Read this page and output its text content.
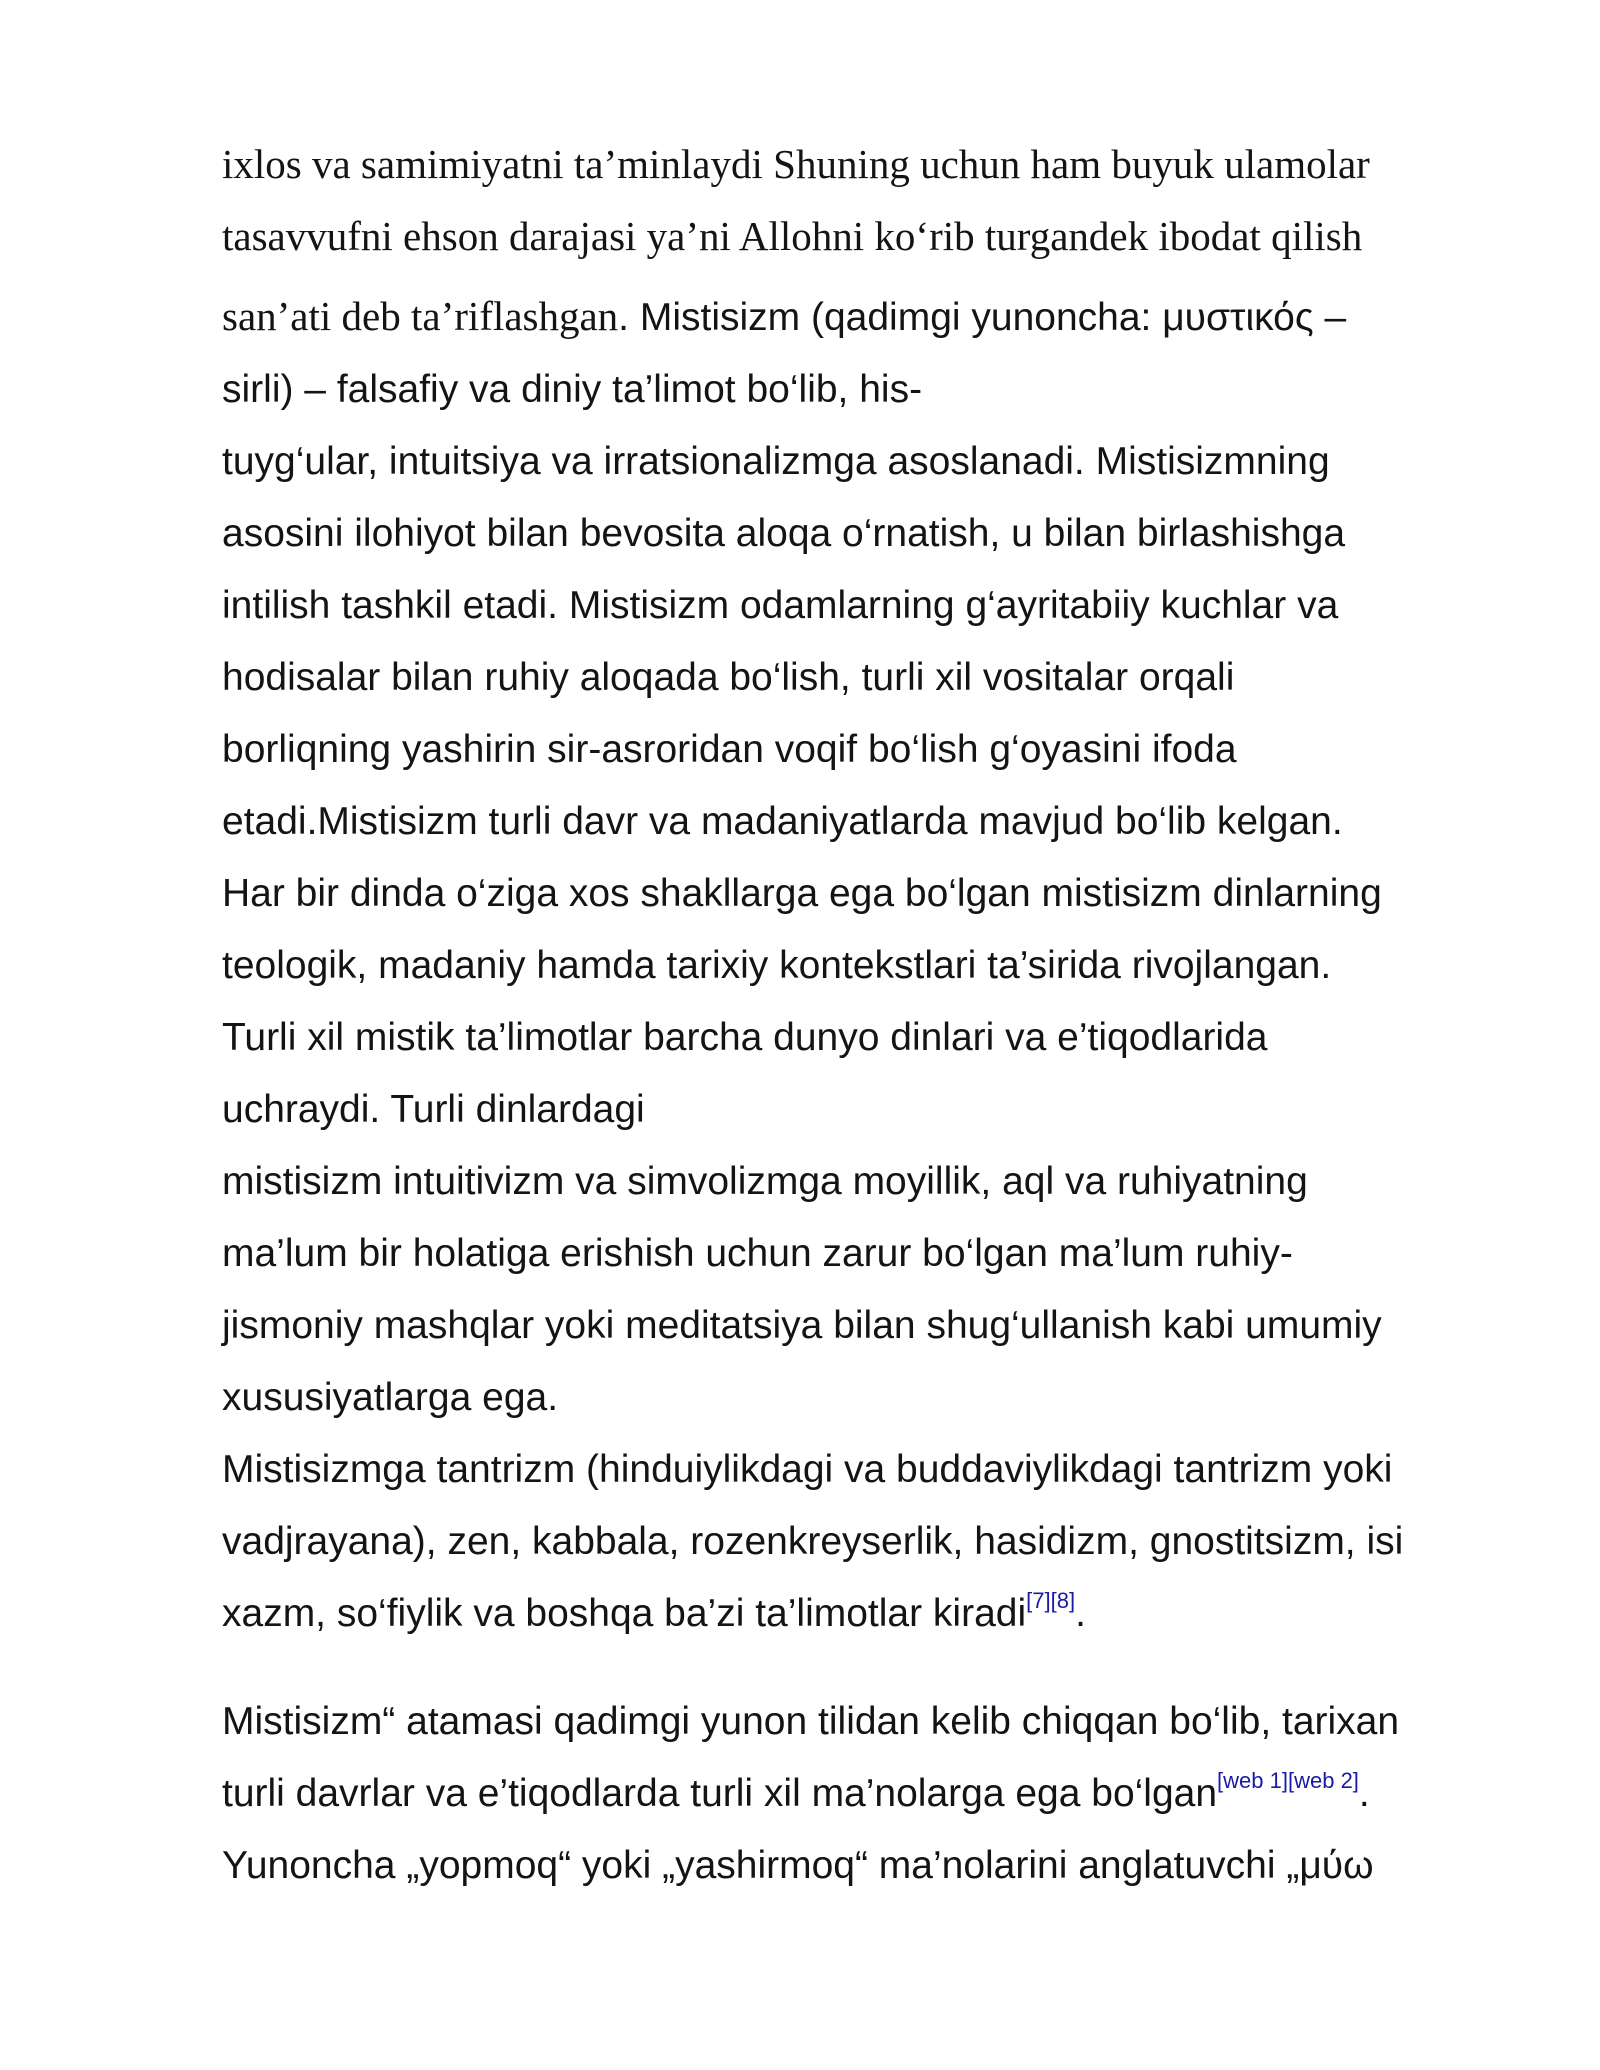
ixlos va samimiyatni ta’minlaydi Shuning uchun ham buyuk ulamolar
tasavvufni ehson darajasi ya’ni Allohni ko‘rib turgandek ibodat qilish
san’ati deb ta’riflashgan. Mistisizm (qadimgi yunoncha: μυστικός –
sirli) – falsafiy va diniy ta’limot bo‘lib, his-
tuyg‘ular, intuitsiya va irratsionalizmga asoslanadi. Mistisizmning
asosini ilohiyot bilan bevosita aloqa o‘rnatish, u bilan birlashishga
intilish tashkil etadi. Mistisizm odamlarning g‘ayritabiiy kuchlar va
hodisalar bilan ruhiy aloqada bo‘lish, turli xil vositalar orqali
borliqning yashirin sir-asroridan voqif bo‘lish g‘oyasini ifoda
etadi.Mistisizm turli davr va madaniyatlarda mavjud bo‘lib kelgan.
Har bir dinda o‘ziga xos shakllarga ega bo‘lgan mistisizm dinlarning
teologik, madaniy hamda tarixiy kontekstlari ta’sirida rivojlangan.
Turli xil mistik ta’limotlar barcha dunyo dinlari va e’tiqodlarida
uchraydi. Turli dinlardagi
mistisizm intuitivizm va simvolizmga moyillik, aql va ruhiyatning
ma’lum bir holatiga erishish uchun zarur bo‘lgan ma’lum ruhiy-
jismoniy mashqlar yoki meditatsiya bilan shug‘ullanish kabi umumiy
xususiyatlarga ega.
Mistisizmga tantrizm (hinduiylikdagi va buddaviylikdagi tantrizm yoki
vadjrayana), zen, kabbala, rozenkreyserlik, hasidizm, gnostitsizm, isi
xazm, so‘fiylik va boshqa ba’zi ta’limotlar kiradi[7][8].
Mistisizm“ atamasi qadimgi yunon tilidan kelib chiqqan bo‘lib, tarixan
turli davrlar va e’tiqodlarda turli xil ma’nolarga ega bo‘lgan[web 1][web 2].
Yunoncha „yopmoq“ yoki „yashirmoq“ ma’nolarini anglatuvchi „μύω
